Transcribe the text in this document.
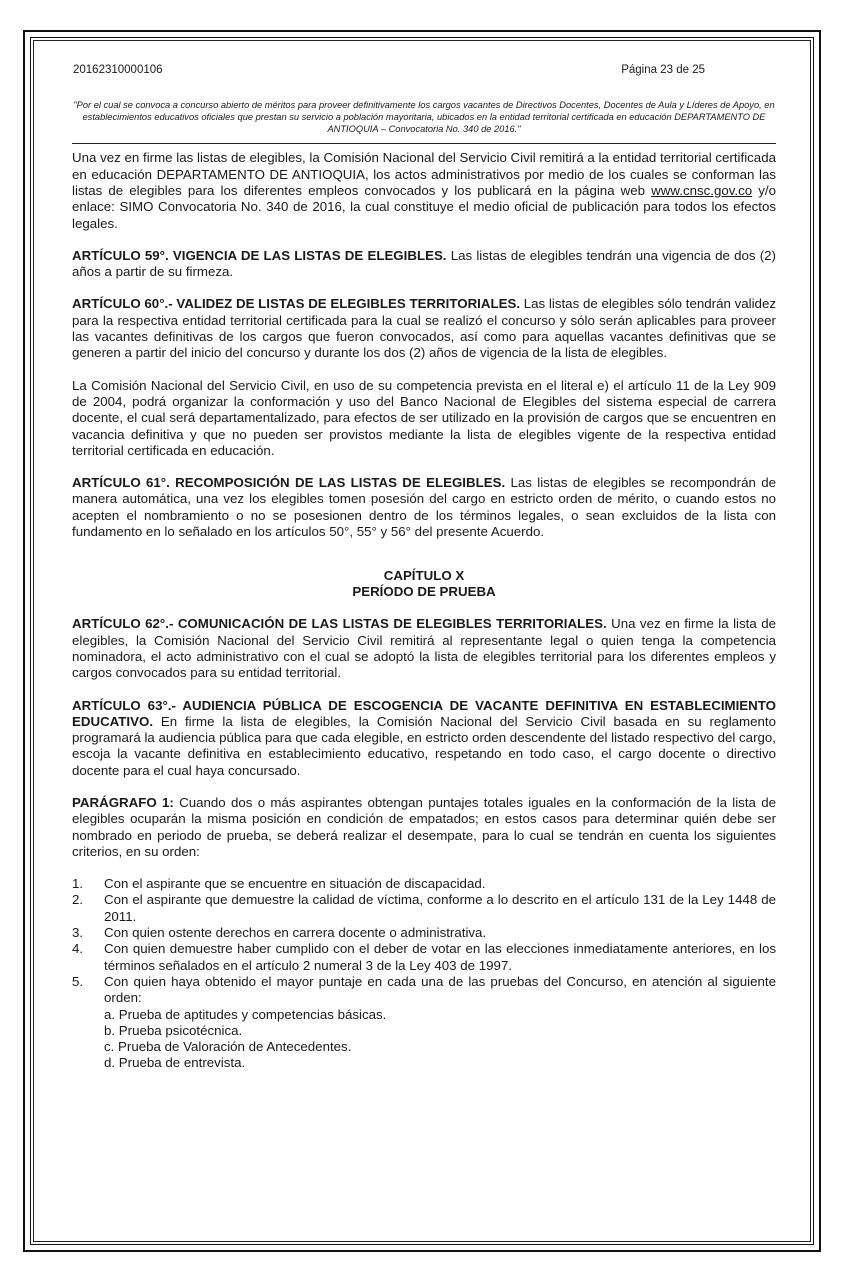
20162310000106	Página 23 de 25
"Por el cual se convoca a concurso abierto de méritos para proveer definitivamente los cargos vacantes de Directivos Docentes, Docentes de Aula y Líderes de Apoyo, en establecimientos educativos oficiales que prestan su servicio a población mayoritaria, ubicados en la entidad territorial certificada en educación DEPARTAMENTO DE ANTIOQUIA – Convocatoria No. 340 de 2016."

Una vez en firme las listas de elegibles, la Comisión Nacional del Servicio Civil remitirá a la entidad territorial certificada en educación DEPARTAMENTO DE ANTIOQUIA, los actos administrativos por medio de los cuales se conforman las listas de elegibles para los diferentes empleos convocados y los publicará en la página web www.cnsc.gov.co y/o enlace: SIMO Convocatoria No. 340 de 2016, la cual constituye el medio oficial de publicación para todos los efectos legales.

ARTÍCULO 59°. VIGENCIA DE LAS LISTAS DE ELEGIBLES. Las listas de elegibles tendrán una vigencia de dos (2) años a partir de su firmeza.

ARTÍCULO 60°.- VALIDEZ DE LISTAS DE ELEGIBLES TERRITORIALES. Las listas de elegibles sólo tendrán validez para la respectiva entidad territorial certificada para la cual se realizó el concurso y sólo serán aplicables para proveer las vacantes definitivas de los cargos que fueron convocados, así como para aquellas vacantes definitivas que se generen a partir del inicio del concurso y durante los dos (2) años de vigencia de la lista de elegibles.

La Comisión Nacional del Servicio Civil, en uso de su competencia prevista en el literal e) el artículo 11 de la Ley 909 de 2004, podrá organizar la conformación y uso del Banco Nacional de Elegibles del sistema especial de carrera docente, el cual será departamentalizado, para efectos de ser utilizado en la provisión de cargos que se encuentren en vacancia definitiva y que no pueden ser provistos mediante la lista de elegibles vigente de la respectiva entidad territorial certificada en educación.

ARTÍCULO 61°. RECOMPOSICIÓN DE LAS LISTAS DE ELEGIBLES. Las listas de elegibles se recompondrán de manera automática, una vez los elegibles tomen posesión del cargo en estricto orden de mérito, o cuando estos no acepten el nombramiento o no se posesionen dentro de los términos legales, o sean excluidos de la lista con fundamento en lo señalado en los artículos 50°, 55° y 56° del presente Acuerdo.

CAPÍTULO X
PERÍODO DE PRUEBA

ARTÍCULO 62°.- COMUNICACIÓN DE LAS LISTAS DE ELEGIBLES TERRITORIALES. Una vez en firme la lista de elegibles, la Comisión Nacional del Servicio Civil remitirá al representante legal o quien tenga la competencia nominadora, el acto administrativo con el cual se adoptó la lista de elegibles territorial para los diferentes empleos y cargos convocados para su entidad territorial.

ARTÍCULO 63°.- AUDIENCIA PÚBLICA DE ESCOGENCIA DE VACANTE DEFINITIVA EN ESTABLECIMIENTO EDUCATIVO. En firme la lista de elegibles, la Comisión Nacional del Servicio Civil basada en su reglamento programará la audiencia pública para que cada elegible, en estricto orden descendente del listado respectivo del cargo, escoja la vacante definitiva en establecimiento educativo, respetando en todo caso, el cargo docente o directivo docente para el cual haya concursado.

PARÁGRAFO 1: Cuando dos o más aspirantes obtengan puntajes totales iguales en la conformación de la lista de elegibles ocuparán la misma posición en condición de empatados; en estos casos para determinar quién debe ser nombrado en periodo de prueba, se deberá realizar el desempate, para lo cual se tendrán en cuenta los siguientes criterios, en su orden:

1.	Con el aspirante que se encuentre en situación de discapacidad.
2.	Con el aspirante que demuestre la calidad de víctima, conforme a lo descrito en el artículo 131 de la Ley 1448 de 2011.
3.	Con quien ostente derechos en carrera docente o administrativa.
4.	Con quien demuestre haber cumplido con el deber de votar en las elecciones inmediatamente anteriores, en los términos señalados en el artículo 2 numeral 3 de la Ley 403 de 1997.
5.	Con quien haya obtenido el mayor puntaje en cada una de las pruebas del Concurso, en atención al siguiente orden:
a. Prueba de aptitudes y competencias básicas.
b. Prueba psicotécnica.
c. Prueba de Valoración de Antecedentes.
d. Prueba de entrevista.
